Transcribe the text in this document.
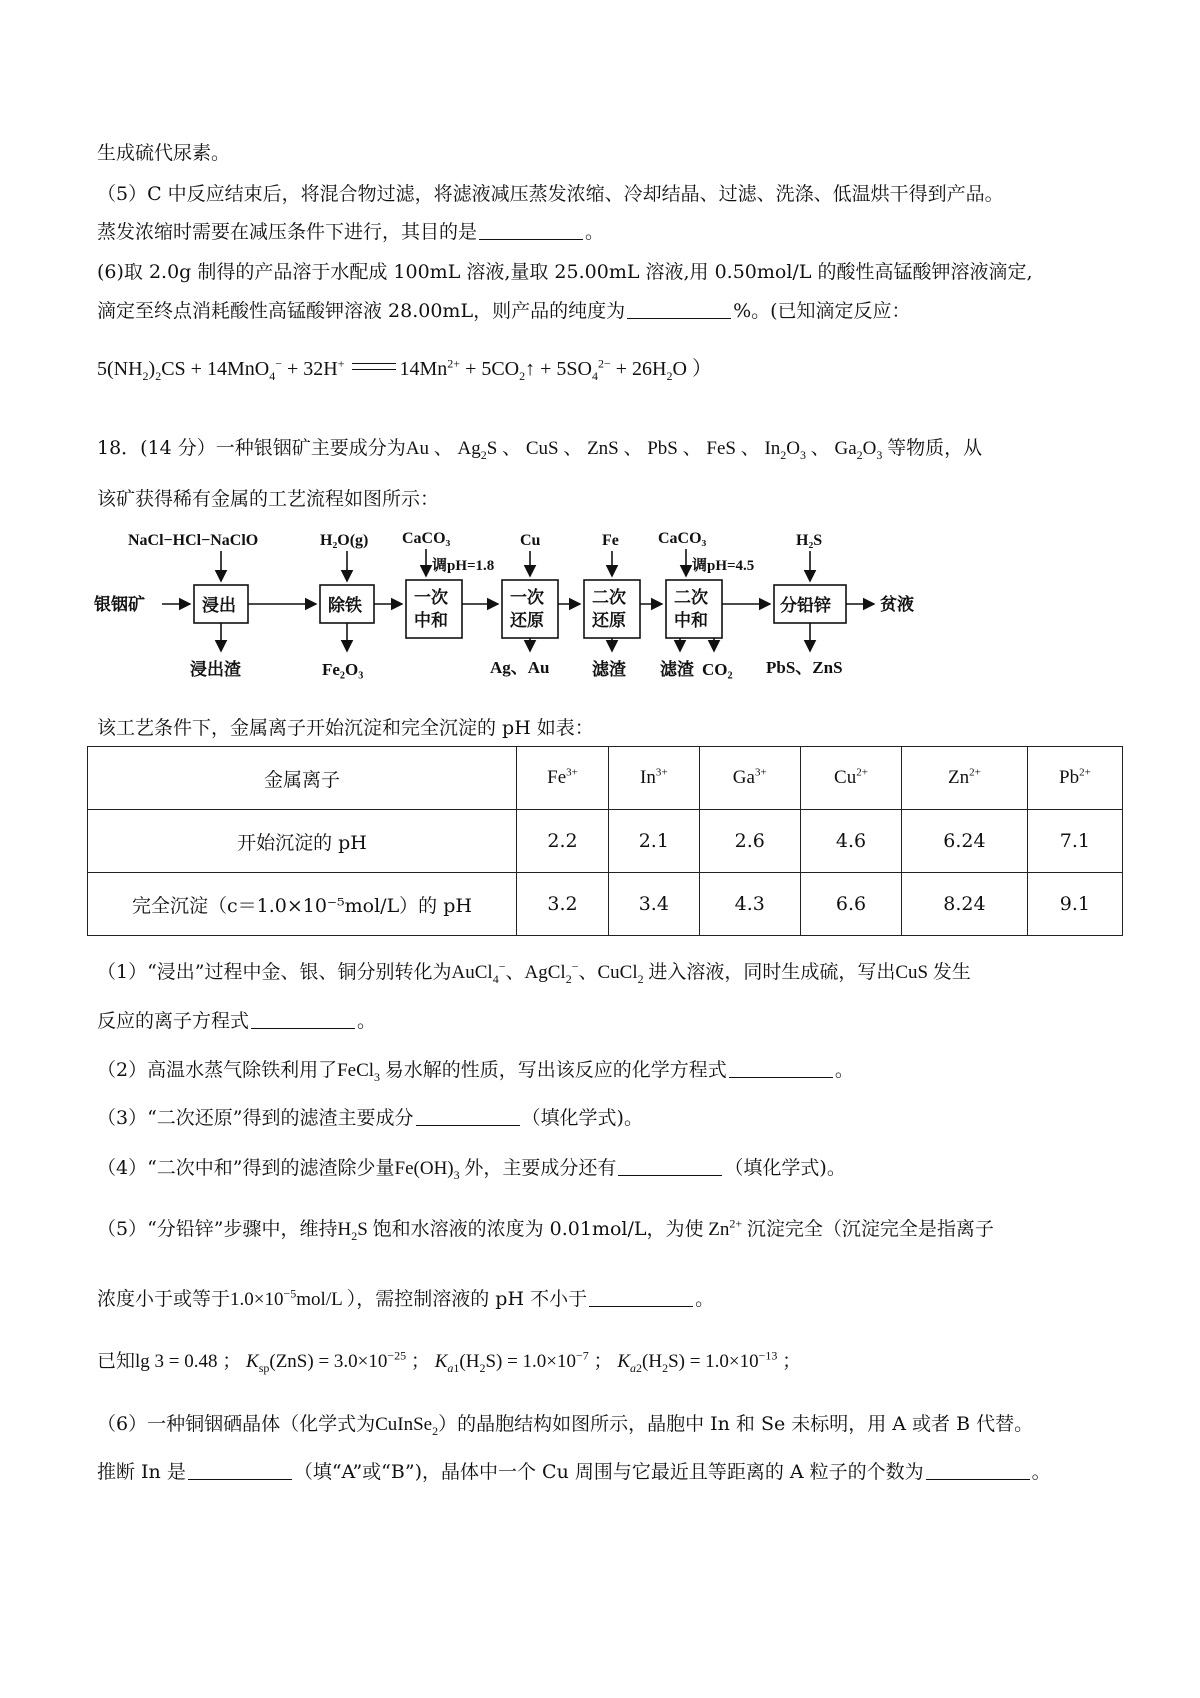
生成硫代尿素。
（5）C 中反应结束后，将混合物过滤，将滤液减压蒸发浓缩、冷却结晶、过滤、洗涤、低温烘干得到产品。
蒸发浓缩时需要在减压条件下进行，其目的是	。
(6)取 2.0g 制得的产品溶于水配成 100mL 溶液,量取 25.00mL 溶液,用 0.50mol/L 的酸性高锰酸钾溶液滴定,
滴定至终点消耗酸性高锰酸钾溶液 28.00mL，则产品的纯度为	%。(已知滴定反应：
$5(NH_2)_2CS + 14MnO_4^- + 32H^+$	$14Mn^{2+}$ + $5CO_2↑ + 5SO_4^{2-} + 26H_2O$ ）
18．(14 分）一种银铟矿主要成分为Au 、 $Ag_2S$ 、 CuS 、 ZnS 、 PbS 、 FeS 、 $In_2O_3$ 、 $Ga_2O_3$ 等物质，从
该矿获得稀有金属的工艺流程如图所示：
银铟矿	浸出	除铁	一次
中和
一次
还原
二次
还原
二次
中和
分铅锌	贫液
NaCl−HCl−NaClO	H₂O(g) CaCO₃
调pH=1.8
Cu	Fe CaCO₃
调pH=4.5
H₂S
浸出渣	Fe₂O₃	Ag、Au 滤渣 滤渣 CO₂ PbS、ZnS
该工艺条件下，金属离子开始沉淀和完全沉淀的 pH 如表：
金属离子	$Fe^{3+}$	$In^{3+}$	$Ga^{3+}$	$Cu^{2+}$	$Zn^{2+}$	$Pb^{2+}$
开始沉淀的 pH	2.2	2.1	2.6	4.6	6.24	7.1
完全沉淀（c＝1.0×10⁻⁵mol/L）的 pH	3.2	3.4	4.3	6.6	8.24	9.1
（1）“浸出”过程中金、银、铜分别转化为AuCl$_4$−、AgCl$_2$−、CuCl$_2$ 进入溶液，同时生成硫，写出CuS 发生
反应的离子方程式	。
（2）高温水蒸气除铁利用了FeCl$_3$ 易水解的性质，写出该反应的化学方程式	。
（3）“二次还原”得到的滤渣主要成分	（填化学式)。
（4）“二次中和”得到的滤渣除少量$Fe(OH)_3$ 外，主要成分还有	（填化学式)。
（5）“分铅锌”步骤中，维持$H_2S$ 饱和水溶液的浓度为 0.01mol/L，为使 $Zn^{2+}$ 沉淀完全（沉淀完全是指离子
浓度小于或等于$1.0\times 10^{-5}mol/L$ ），需控制溶液的 pH 不小于	。
已知lg 3 = 0.48 ； $K_{sp}(ZnS) = 3.0\times 10^{-25}$ ； $K_{a1}(H_2S) = 1.0\times 10^{-7}$ ； $K_{a2}(H_2S) = 1.0\times 10^{-13}$ ；
（6）一种铜铟硒晶体（化学式为CuInSe$_2$）的晶胞结构如图所示，晶胞中 In 和 Se 未标明，用 A 或者 B 代替。
推断 In 是	（填“A”或“B”)，晶体中一个 Cu 周围与它最近且等距离的 A 粒子的个数为	。
